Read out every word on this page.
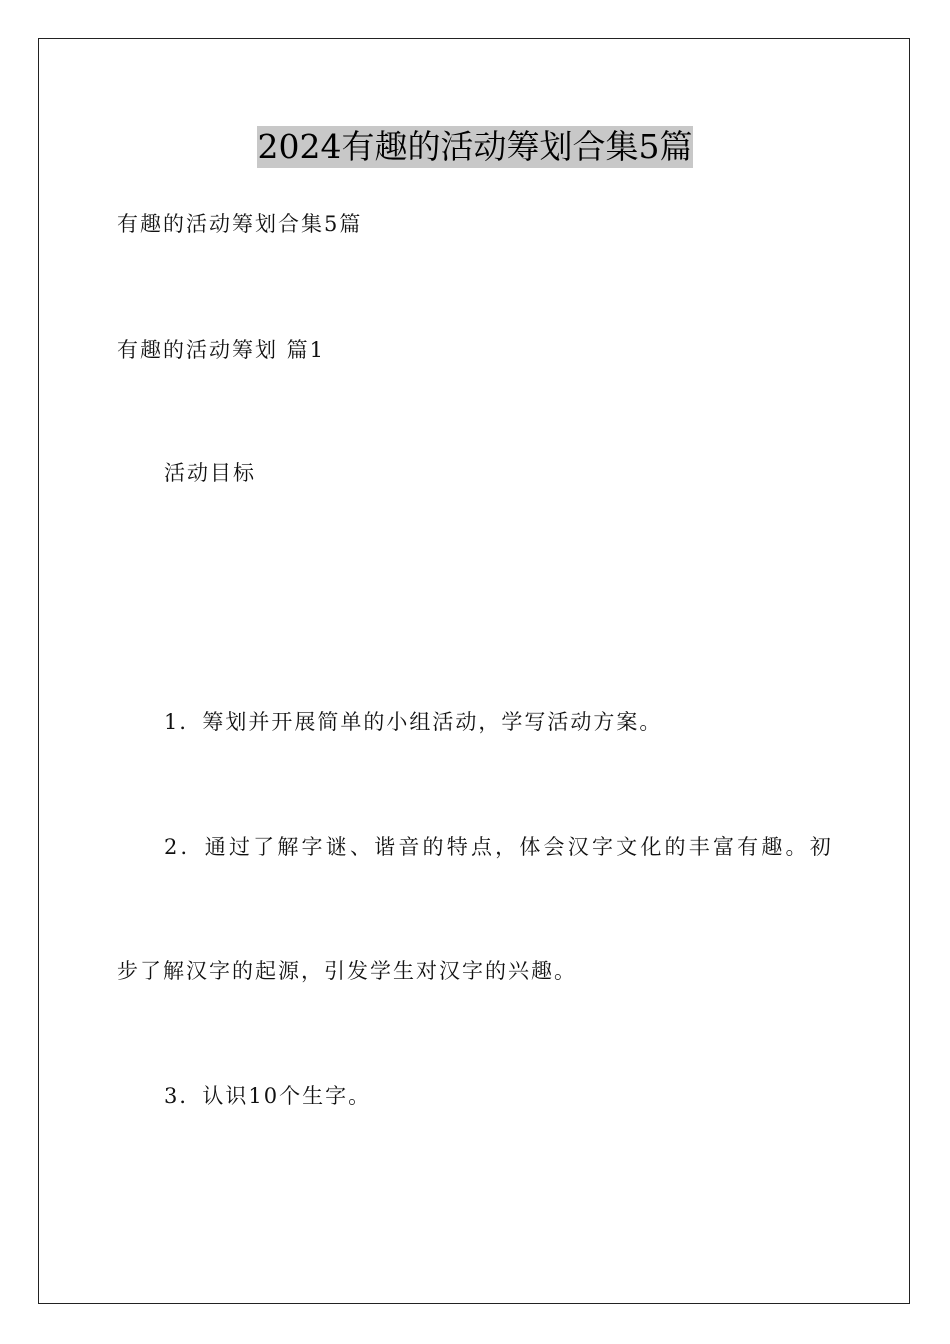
2024有趣的活动筹划合集5篇
有趣的活动筹划合集5篇
有趣的活动筹划 篇1
活动目标
1．筹划并开展简单的小组活动，学写活动方案。
2．通过了解字谜、谐音的特点，体会汉字文化的丰富有趣。初
步了解汉字的起源，引发学生对汉字的兴趣。
3．认识10个生字。
